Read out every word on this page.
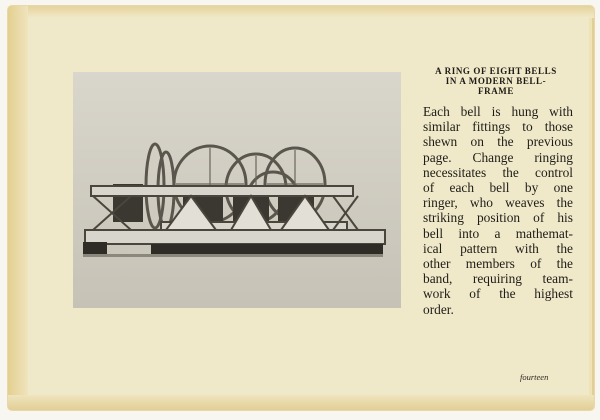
A RING OF EIGHT BELLS
IN A MODERN BELL-
FRAME
Each bell is hung with
similar fittings to those
shewn on the previous
page. Change ringing
necessitates the control
of each bell by one
ringer, who weaves the
striking position of his
bell into a mathemat-
ical pattern with the
other members of the
band, requiring team-
work of the highest
order.
fourteen
